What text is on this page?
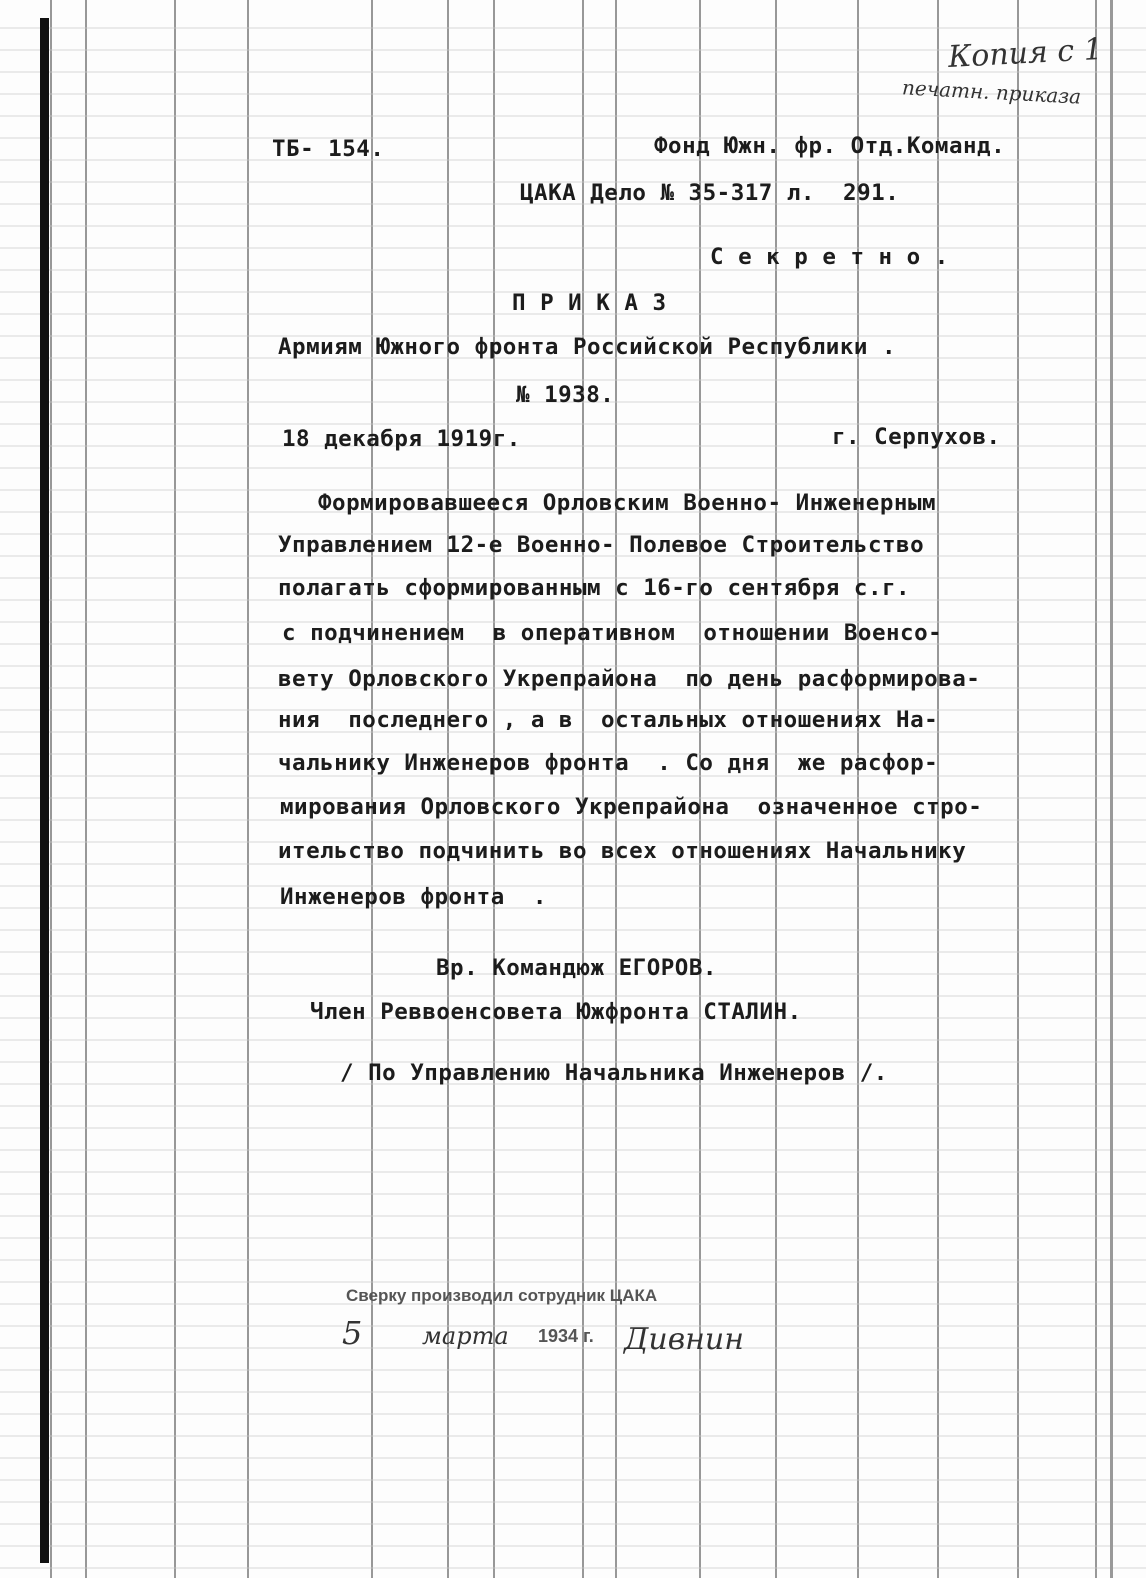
Копия с 1
печатн. приказа
ТБ- 154.	Фонд Южн. фр. Отд.Команд.
ЦАКА Дело № 35-317 л.  291.
С е к р е т н о .
П Р И К А З
Армиям Южного фронта Российской Республики .
№ 1938.
18 декабря 1919г.	г. Серпухов.
Формировавшееся Орловским Военно- Инженерным
Управлением 12-е Военно- Полевое Строительство
полагать сформированным с 16-го сентября с.г.
с подчинением  в оперативном  отношении Военсо-
вету Орловского Укрепрайона  по день расформирова-
ния  последнего , а в  остальных отношениях На-
чальнику Инженеров фронта  . Со дня  же расфор-
мирования Орловского Укрепрайона  означенное стро-
ительство подчинить во всех отношениях Начальнику
Инженеров фронта  .
Вр. Командюж ЕГОРОВ.
Член Реввоенсовета Южфронта СТАЛИН.
/ По Управлению Начальника Инженеров /.
Сверку производил сотрудник ЦАКА
5 марта 1934 г. Дивнин
